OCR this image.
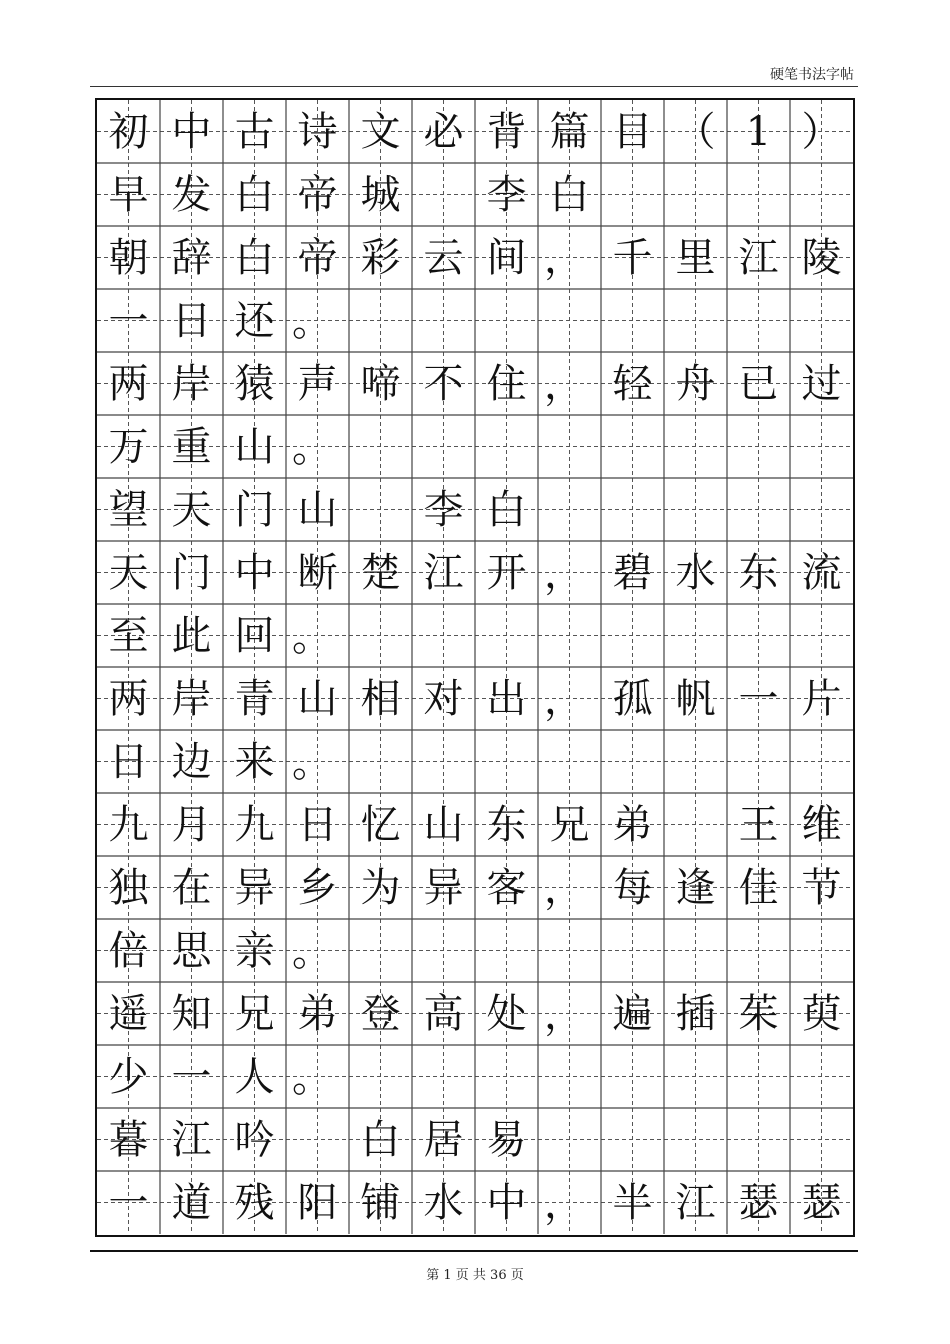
硬笔书法字帖
初 中 古 诗 文 必 背 篇 目 （ 1 ）
早 发 白 帝 城 李 白
朝 辞 白 帝 彩 云 间 ， 千 里 江 陵
一 日 还 。
两 岸 猿 声 啼 不 住 ， 轻 舟 已 过
万 重 山 。
望 天 门 山 李 白
天 门 中 断 楚 江 开 ， 碧 水 东 流
至 此 回 。
两 岸 青 山 相 对 出 ， 孤 帆 一 片
日 边 来 。
九 月 九 日 忆 山 东 兄 弟 王 维
独 在 异 乡 为 异 客 ， 每 逢 佳 节
倍 思 亲 。
遥 知 兄 弟 登 高 处 ， 遍 插 茱 萸
少 一 人 。
暮 江 吟 白 居 易
一 道 残 阳 铺 水 中 ， 半 江 瑟 瑟
第 1 页 共 36 页
